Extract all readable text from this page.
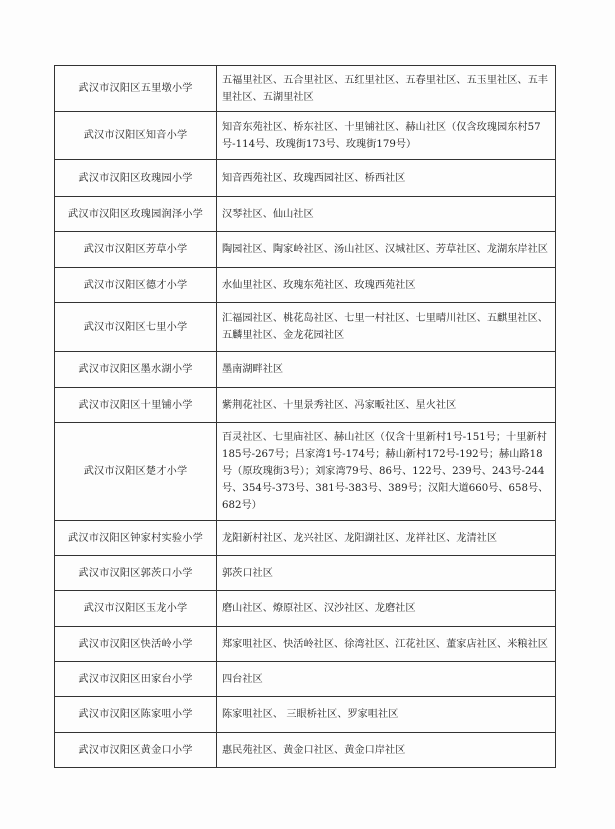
武汉市汉阳区五里墩小学	五福里社区、五合里社区、五红里社区、五春里社区、五玉里社区、五丰里社区、五湖里社区
武汉市汉阳区知音小学	知音东苑社区、桥东社区、十里铺社区、赫山社区（仅含玫瑰园东村57号-114号、玫瑰街173号、玫瑰街179号）
武汉市汉阳区玫瑰园小学	知音西苑社区、玫瑰西园社区、桥西社区
武汉市汉阳区玫瑰园润泽小学	汉琴社区、仙山社区
武汉市汉阳区芳草小学	陶园社区、陶家岭社区、汤山社区、汉城社区、芳草社区、龙湖东岸社区
武汉市汉阳区德才小学	水仙里社区、玫瑰东苑社区、玫瑰西苑社区
武汉市汉阳区七里小学	汇福园社区、桃花岛社区、七里一村社区、七里晴川社区、五麒里社区、五麟里社区、金龙花园社区
武汉市汉阳区墨水湖小学	墨南湖畔社区
武汉市汉阳区十里铺小学	紫荆花社区、十里景秀社区、冯家畈社区、星火社区
武汉市汉阳区楚才小学	百灵社区、七里庙社区、赫山社区（仅含十里新村1号-151号；十里新村185号-267号；吕家湾1号-174号；赫山新村172号-192号；赫山路18号（原玫瑰街3号）；刘家湾79号、86号、122号、239号、243号-244号、354号-373号、381号-383号、389号；汉阳大道660号、658号、682号）
武汉市汉阳区钟家村实验小学	龙阳新村社区、龙兴社区、龙阳湖社区、龙祥社区、龙清社区
武汉市汉阳区郭茨口小学	郭茨口社区
武汉市汉阳区玉龙小学	磨山社区、燎原社区、汉沙社区、龙磨社区
武汉市汉阳区快活岭小学	郑家咀社区、快活岭社区、徐湾社区、江花社区、董家店社区、米粮社区
武汉市汉阳区田家台小学	四台社区
武汉市汉阳区陈家咀小学	陈家咀社区、 三眼桥社区、罗家咀社区
武汉市汉阳区黄金口小学	惠民苑社区、黄金口社区、黄金口岸社区
